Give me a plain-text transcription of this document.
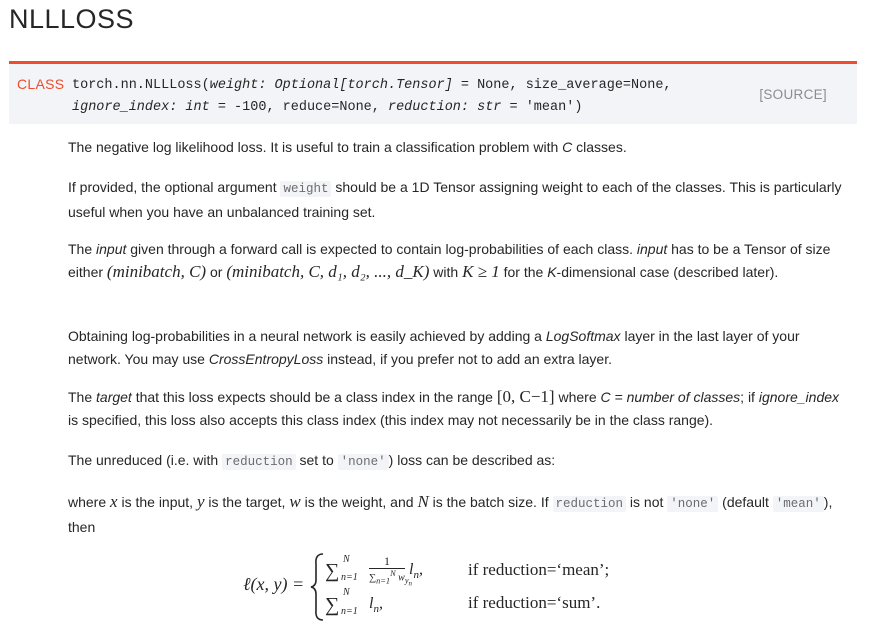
NLLLOSS
CLASS torch.nn.NLLLoss(weight: Optional[torch.Tensor] = None, size_average=None,
ignore_index: int = -100, reduce=None, reduction: str = 'mean')
[SOURCE]

The negative log likelihood loss. It is useful to train a classification problem with C classes.

If provided, the optional argument weight should be a 1D Tensor assigning weight to each of the classes. This is particularly useful when you have an unbalanced training set.

The input given through a forward call is expected to contain log-probabilities of each class. input has to be a Tensor of size either (minibatch, C) or (minibatch, C, d₁, d₂, ..., d_K) with K ≥ 1 for the K-dimensional case (described later).

Obtaining log-probabilities in a neural network is easily achieved by adding a LogSoftmax layer in the last layer of your network. You may use CrossEntropyLoss instead, if you prefer not to add an extra layer.

The target that this loss expects should be a class index in the range [0, C−1] where C = number of classes; if ignore_index is specified, this loss also accepts this class index (this index may not necessarily be in the class range).

The unreduced (i.e. with reduction set to 'none' ) loss can be described as:

where x is the input, y is the target, w is the weight, and N is the batch size. If reduction is not 'none' (default 'mean' ), then

ℓ(x, y) =
∑
N
n=1
1
$\sum_{n=1}^N$ $w_{y_n}$
$l_n$,	if reduction=‘mean’;
∑
N
n=1 $l_n$,	if reduction=‘sum’.
